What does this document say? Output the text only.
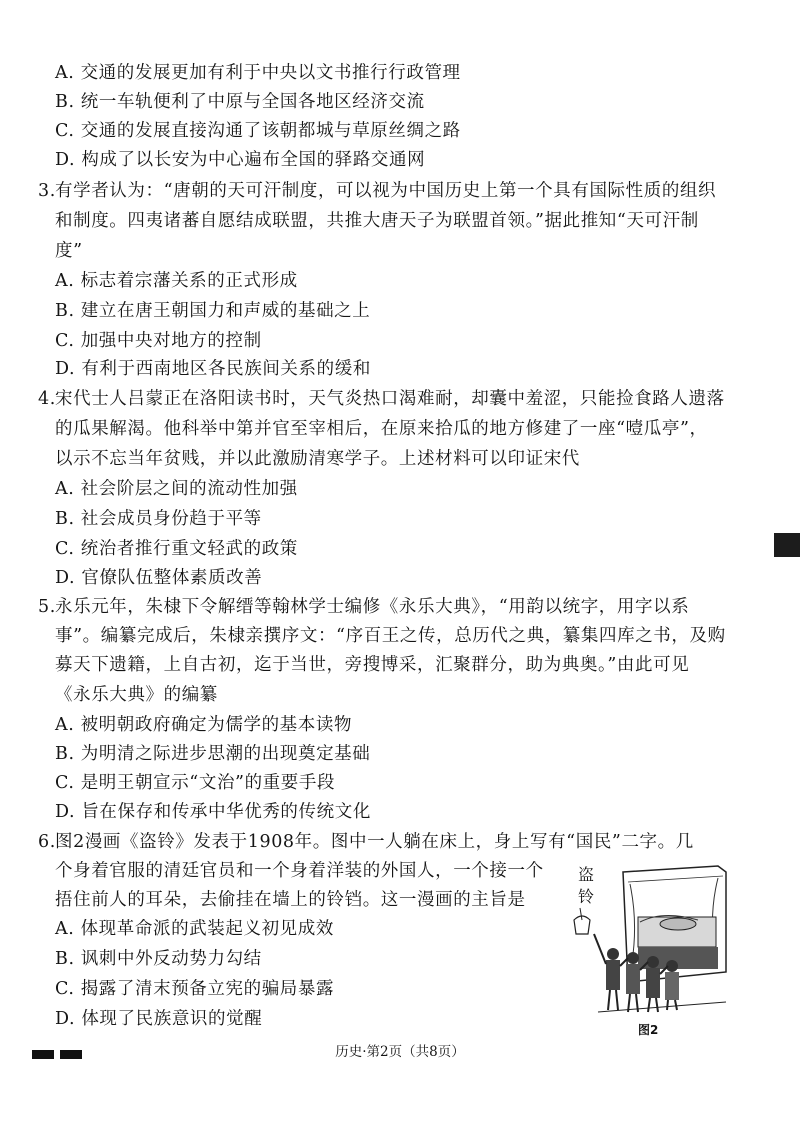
A. 交通的发展更加有利于中央以文书推行行政管理
B. 统一车轨便利了中原与全国各地区经济交流
C. 交通的发展直接沟通了该朝都城与草原丝绸之路
D. 构成了以长安为中心遍布全国的驿路交通网
3.有学者认为：“唐朝的天可汗制度，可以视为中国历史上第一个具有国际性质的组织
和制度。四夷诸蕃自愿结成联盟，共推大唐天子为联盟首领。”据此推知“天可汗制
度”
A. 标志着宗藩关系的正式形成
B. 建立在唐王朝国力和声威的基础之上
C. 加强中央对地方的控制
D. 有利于西南地区各民族间关系的缓和
4.宋代士人吕蒙正在洛阳读书时，天气炎热口渴难耐，却囊中羞涩，只能捡食路人遗落
的瓜果解渴。他科举中第并官至宰相后，在原来拾瓜的地方修建了一座“噎瓜亭”，
以示不忘当年贫贱，并以此激励清寒学子。上述材料可以印证宋代
A. 社会阶层之间的流动性加强
B. 社会成员身份趋于平等
C. 统治者推行重文轻武的政策
D. 官僚队伍整体素质改善
5.永乐元年，朱棣下令解缙等翰林学士编修《永乐大典》，“用韵以统字，用字以系
事”。编纂完成后，朱棣亲撰序文：“序百王之传，总历代之典，纂集四库之书，及购
募天下遗籍，上自古初，迄于当世，旁搜博采，汇聚群分，助为典奥。”由此可见
《永乐大典》的编纂
A. 被明朝政府确定为儒学的基本读物
B. 为明清之际进步思潮的出现奠定基础
C. 是明王朝宣示“文治”的重要手段
D. 旨在保存和传承中华优秀的传统文化
6.图2漫画《盗铃》发表于1908年。图中一人躺在床上，身上写有“国民”二字。几
个身着官服的清廷官员和一个身着洋装的外国人，一个接一个
捂住前人的耳朵，去偷挂在墙上的铃铛。这一漫画的主旨是
A. 体现革命派的武装起义初见成效
B. 讽刺中外反动势力勾结
C. 揭露了清末预备立宪的骗局暴露
D. 体现了民族意识的觉醒
盗
铃
图2
历史·第2页（共8页）
